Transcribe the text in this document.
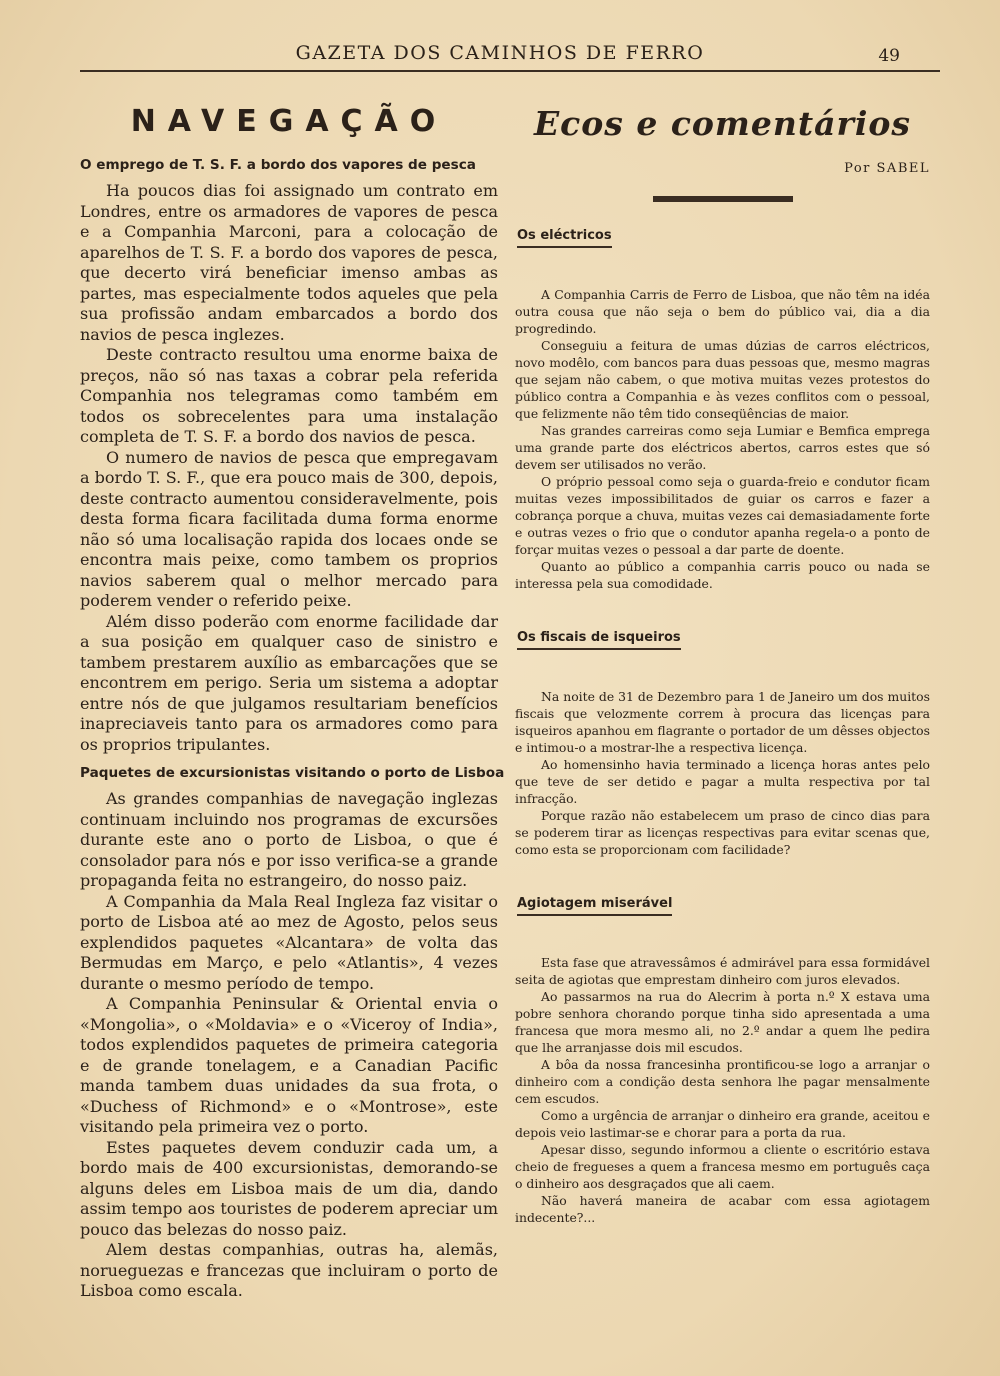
GAZETA DOS CAMINHOS DE FERRO	49
NAVEGAÇÃO
O emprego de T. S. F. a bordo dos vapores de pesca

Ha poucos dias foi assignado um contrato em Londres, entre os armadores de vapores de pesca e a Companhia Marconi, para a colocação de aparelhos de T. S. F. a bordo dos vapores de pesca, que decerto virá beneficiar imenso ambas as partes, mas especialmente todos aqueles que pela sua profissão andam embarcados a bordo dos navios de pesca inglezes.

Deste contracto resultou uma enorme baixa de preços, não só nas taxas a cobrar pela referida Companhia nos telegramas como também em todos os sobrecelentes para uma instalação completa de T. S. F. a bordo dos navios de pesca.

O numero de navios de pesca que empregavam a bordo T. S. F., que era pouco mais de 300, depois, deste contracto aumentou consideravelmente, pois desta forma ficara facilitada duma forma enorme não só uma localisação rapida dos locaes onde se encontra mais peixe, como tambem os proprios navios saberem qual o melhor mercado para poderem vender o referido peixe.

Além disso poderão com enorme facilidade dar a sua posição em qualquer caso de sinistro e tambem prestarem auxílio as embarcações que se encontrem em perigo. Seria um sistema a adoptar entre nós de que julgamos resultariam benefícios inapreciaveis tanto para os armadores como para os proprios tripulantes.

Paquetes de excursionistas visitando o porto de Lisboa

As grandes companhias de navegação inglezas continuam incluindo nos programas de excursões durante este ano o porto de Lisboa, o que é consolador para nós e por isso verifica-se a grande propaganda feita no estrangeiro, do nosso paiz.

A Companhia da Mala Real Ingleza faz visitar o porto de Lisboa até ao mez de Agosto, pelos seus explendidos paquetes «Alcantara» de volta das Bermudas em Março, e pelo «Atlantis», 4 vezes durante o mesmo período de tempo.

A Companhia Peninsular & Oriental envia o «Mongolia», o «Moldavia» e o «Viceroy of India», todos explendidos paquetes de primeira categoria e de grande tonelagem, e a Canadian Pacific manda tambem duas unidades da sua frota, o «Duchess of Richmond» e o «Montrose», este visitando pela primeira vez o porto.

Estes paquetes devem conduzir cada um, a bordo mais de 400 excursionistas, demorando-se alguns deles em Lisboa mais de um dia, dando assim tempo aos touristes de poderem apreciar um pouco das belezas do nosso paiz.

Alem destas companhias, outras ha, alemãs, norueguezas e francezas que incluiram o porto de Lisboa como escala.

Ecos e comentários
Por SABEL
Os eléctricos

A Companhia Carris de Ferro de Lisboa, que não têm na idéa outra cousa que não seja o bem do público vai, dia a dia progredindo.

Conseguiu a feitura de umas dúzias de carros eléctricos, novo modêlo, com bancos para duas pessoas que, mesmo magras que sejam não cabem, o que motiva muitas vezes protestos do público contra a Companhia e às vezes conflitos com o pessoal, que felizmente não têm tido conseqüências de maior.

Nas grandes carreiras como seja Lumiar e Bemfica emprega uma grande parte dos eléctricos abertos, carros estes que só devem ser utilisados no verão.

O próprio pessoal como seja o guarda-freio e condutor ficam muitas vezes impossibilitados de guiar os carros e fazer a cobrança porque a chuva, muitas vezes cai demasiadamente forte e outras vezes o frio que o condutor apanha regela-o a ponto de forçar muitas vezes o pessoal a dar parte de doente.

Quanto ao público a companhia carris pouco ou nada se interessa pela sua comodidade.

Os fiscais de isqueiros

Na noite de 31 de Dezembro para 1 de Janeiro um dos muitos fiscais que velozmente correm à procura das licenças para isqueiros apanhou em flagrante o portador de um dêsses objectos e intimou-o a mostrar-lhe a respectiva licença.

Ao homensinho havia terminado a licença horas antes pelo que teve de ser detido e pagar a multa respectiva por tal infracção.

Porque razão não estabelecem um praso de cinco dias para se poderem tirar as licenças respectivas para evitar scenas que, como esta se proporcionam com facilidade?

Agiotagem miserável

Esta fase que atravessâmos é admirável para essa formidável seita de agiotas que emprestam dinheiro com juros elevados.

Ao passarmos na rua do Alecrim à porta n.º X estava uma pobre senhora chorando porque tinha sido apresentada a uma francesa que mora mesmo ali, no 2.º andar a quem lhe pedira que lhe arranjasse dois mil escudos.

A bôa da nossa francesinha prontificou-se logo a arranjar o dinheiro com a condição desta senhora lhe pagar mensalmente cem escudos.

Como a urgência de arranjar o dinheiro era grande, aceitou e depois veio lastimar-se e chorar para a porta da rua.

Apesar disso, segundo informou a cliente o escritório estava cheio de fregueses a quem a francesa mesmo em português caça o dinheiro aos desgraçados que ali caem.

Não haverá maneira de acabar com essa agiotagem indecente?...
